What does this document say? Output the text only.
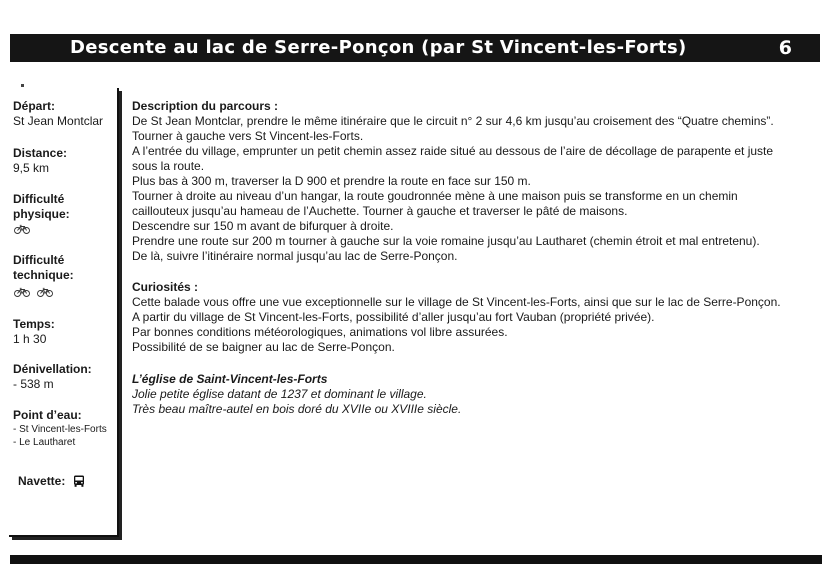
Descente au lac de Serre-Ponçon (par St Vincent-les-Forts)	6
Départ:
St Jean Montclar
Distance:
9,5 km
Difficulté
physique:
Difficulté
technique:

Temps:
1 h 30
Dénivellation:
- 538 m
Point d’eau:
- St Vincent-les-Forts
- Le Lautharet
Navette:

Description du parcours :

De St Jean Montclar, prendre le même itinéraire que le circuit n° 2 sur 4,6 km jusqu’au croisement des “Quatre chemins”.

Tourner à gauche vers St Vincent-les-Forts.

A l’entrée du village, emprunter un petit chemin assez raide situé au dessous de l’aire de décollage de parapente et juste

sous la route.

Plus bas à 300 m, traverser la D 900 et prendre la route en face sur 150 m.

Tourner à droite au niveau d’un hangar, la route goudronnée mène à une maison puis se transforme en un chemin

caillouteux jusqu’au hameau de l’Auchette. Tourner à gauche et traverser le pâté de maisons.

Descendre sur 150 m avant de bifurquer à droite.

Prendre une route sur 200 m tourner à gauche sur la voie romaine jusqu’au Lautharet (chemin étroit et mal entretenu).

De là, suivre l’itinéraire normal jusqu’au lac de Serre-Ponçon.

Curiosités :

Cette balade vous offre une vue exceptionnelle sur le village de St Vincent-les-Forts, ainsi que sur le lac de Serre-Ponçon.

A partir du village de St Vincent-les-Forts, possibilité d’aller jusqu’au fort Vauban (propriété privée).

Par bonnes conditions météorologiques, animations vol libre assurées.

Possibilité de se baigner au lac de Serre-Ponçon.

L’église de Saint-Vincent-les-Forts

Jolie petite église datant de 1237 et dominant le village.

Très beau maître-autel en bois doré du XVIIe ou XVIIIe siècle.
